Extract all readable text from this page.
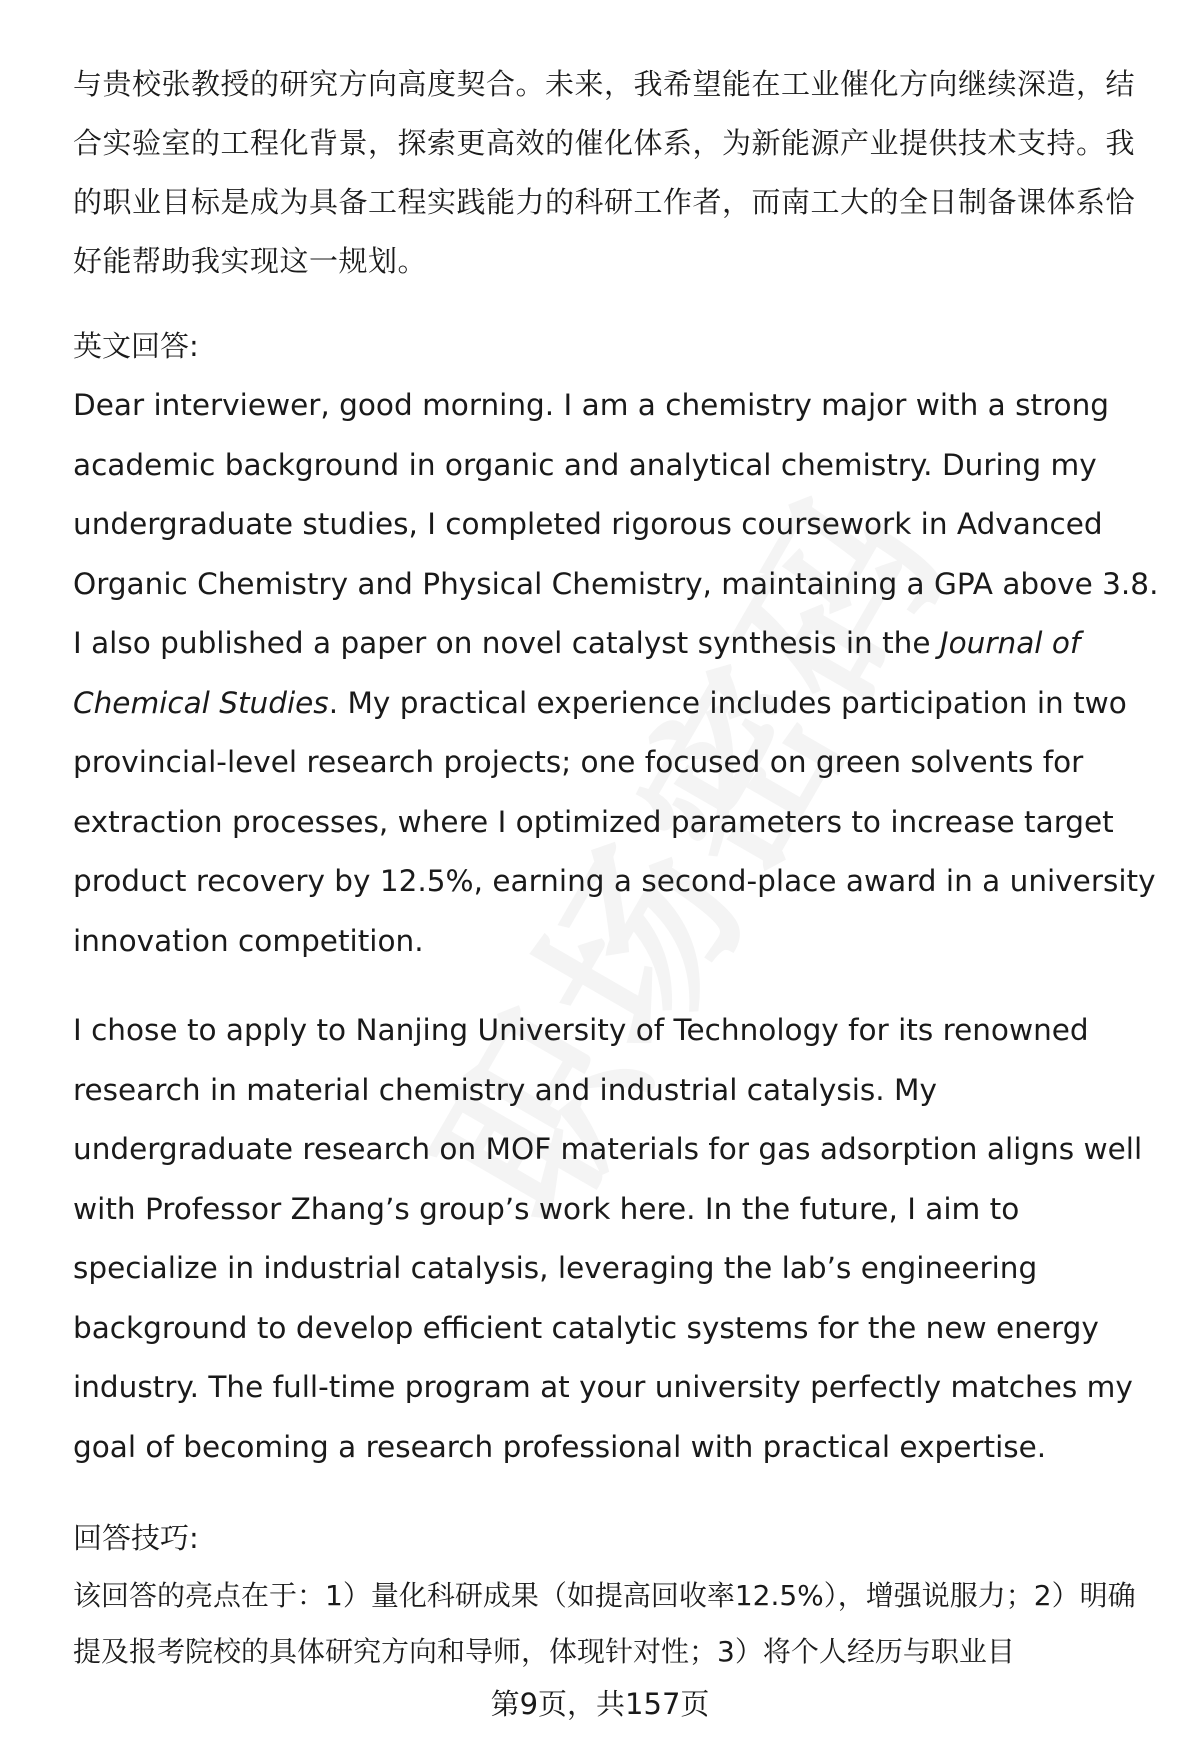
与贵校张教授的研究方向高度契合。未来，我希望能在工业催化方向继续深造，结合实验室的工程化背景，探索更高效的催化体系，为新能源产业提供技术支持。我的职业目标是成为具备工程实践能力的科研工作者，而南工大的全日制备课体系恰好能帮助我实现这一规划。

英文回答:

Dear interviewer, good morning. I am a chemistry major with a strong academic background in organic and analytical chemistry. During my undergraduate studies, I completed rigorous coursework in Advanced Organic Chemistry and Physical Chemistry, maintaining a GPA above 3.8. I also published a paper on novel catalyst synthesis in the Journal of Chemical Studies. My practical experience includes participation in two provincial-level research projects; one focused on green solvents for extraction processes, where I optimized parameters to increase target product recovery by 12.5%, earning a second-place award in a university innovation competition.

I chose to apply to Nanjing University of Technology for its renowned research in material chemistry and industrial catalysis. My undergraduate research on MOF materials for gas adsorption aligns well with Professor Zhang’s group’s work here. In the future, I aim to specialize in industrial catalysis, leveraging the lab’s engineering background to develop efficient catalytic systems for the new energy industry. The full-time program at your university perfectly matches my goal of becoming a research professional with practical expertise.

回答技巧:

该回答的亮点在于：1）量化科研成果（如提高回收率12.5%），增强说服力；2）明确提及报考院校的具体研究方向和导师，体现针对性；3）将个人经历与职业目

第9页，共157页
